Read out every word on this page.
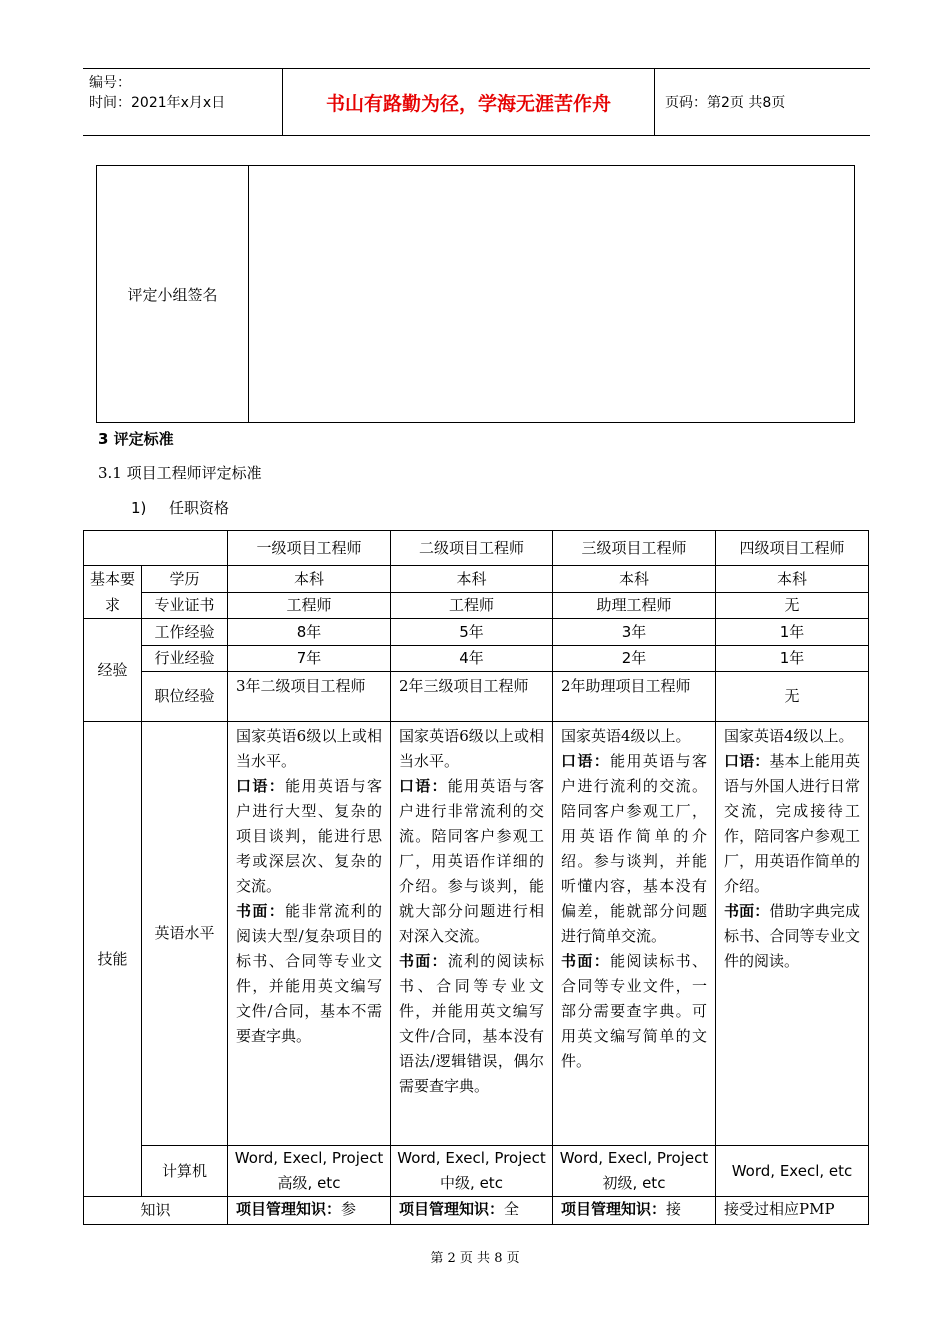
编号：
时间：2021年x月x日	书山有路勤为径，学海无涯苦作舟	页码：第2页 共8页
评定小组签名
3 评定标准
3.1 项目工程师评定标准
1) 任职资格
		一级项目工程师	二级项目工程师	三级项目工程师	四级项目工程师
基本要求	学历	本科	本科	本科	本科
	专业证书	工程师	工程师	助理工程师	无
经验	工作经验	8年	5年	3年	1年
	行业经验	7年	4年	2年	1年
	职位经验	3年二级项目工程师	2年三级项目工程师	2年助理项目工程师	无
技能	英语水平	国家英语6级以上或相当水平。
口语：能用英语与客户进行大型、复杂的项目谈判，能进行思考或深层次、复杂的交流。
书面：能非常流利的阅读大型/复杂项目的标书、合同等专业文件，并能用英文编写文件/合同，基本不需要查字典。	国家英语6级以上或相当水平。
口语：能用英语与客户进行非常流利的交流。陪同客户参观工厂，用英语作详细的介绍。参与谈判，能就大部分问题进行相对深入交流。
书面：流利的阅读标书、合同等专业文件，并能用英文编写文件/合同，基本没有语法/逻辑错误，偶尔需要查字典。	国家英语4级以上。
口语：能用英语与客户进行流利的交流。陪同客户参观工厂，用英语作简单的介绍。参与谈判，并能听懂内容，基本没有偏差，能就部分问题进行简单交流。
书面：能阅读标书、合同等专业文件，一部分需要查字典。可用英文编写简单的文件。	国家英语4级以上。
口语：基本上能用英语与外国人进行日常交流，完成接待工作，陪同客户参观工厂，用英语作简单的介绍。
书面：借助字典完成标书、合同等专业文件的阅读。
	计算机	Word, Execl, Project 高级, etc	Word, Execl, Project 中级, etc	Word, Execl, Project 初级, etc	Word, Execl, etc
知识		项目管理知识：参	项目管理知识：全	项目管理知识：接	接受过相应PMP
第 2 页 共 8 页
